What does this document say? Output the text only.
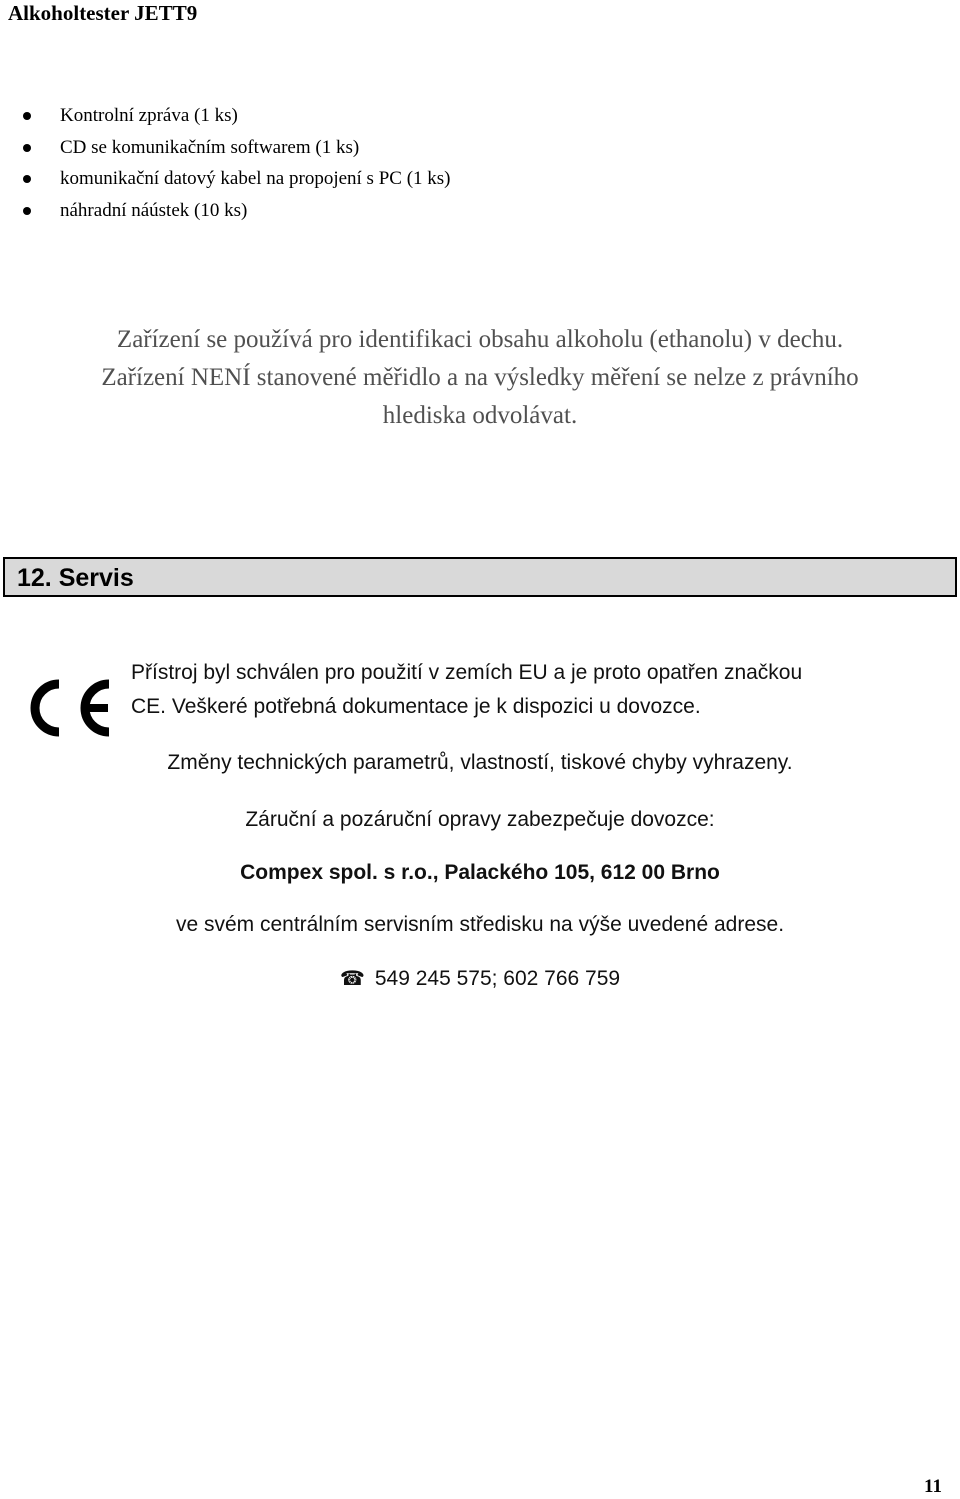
Alkoholtester JETT9
Kontrolní zpráva (1 ks)
CD se komunikačním softwarem (1 ks)
komunikační datový kabel na propojení s PC (1 ks)
náhradní náústek (10 ks)
Zařízení se používá pro identifikaci obsahu alkoholu (ethanolu) v dechu.
Zařízení NENÍ stanovené měřidlo a na výsledky měření se nelze z právního
hlediska odvolávat.
12. Servis
Přístroj byl schválen pro použití v zemích EU a je proto opatřen značkou
CE. Veškeré potřebná dokumentace je k dispozici u dovozce.
Změny technických parametrů, vlastností, tiskové chyby vyhrazeny.
Záruční a pozáruční opravy zabezpečuje dovozce:
Compex spol. s r.o., Palackého 105, 612 00 Brno
ve svém centrálním servisním středisku na výše uvedené adrese.
☎ 549 245 575; 602 766 759
11
